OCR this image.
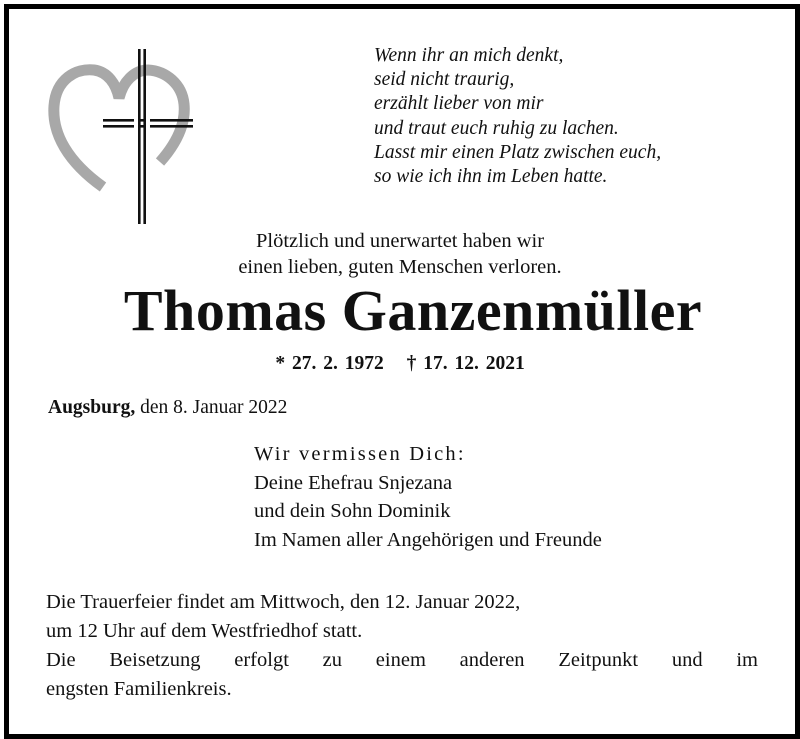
Wenn ihr an mich denkt,
seid nicht traurig,
erzählt lieber von mir
und traut euch ruhig zu lachen.
Lasst mir einen Platz zwischen euch,
so wie ich ihn im Leben hatte.
Plötzlich und unerwartet haben wir
einen lieben, guten Menschen verloren.
Thomas Ganzenmüller
* 27. 2. 1972 † 17. 12. 2021
Augsburg, den 8. Januar 2022
Wir vermissen Dich:
Deine Ehefrau Snjezana
und dein Sohn Dominik
Im Namen aller Angehörigen und Freunde
Die Trauerfeier findet am Mittwoch, den 12. Januar 2022,
um 12 Uhr auf dem Westfriedhof statt.
Die Beisetzung erfolgt zu einem anderen Zeitpunkt und im
engsten Familienkreis.
